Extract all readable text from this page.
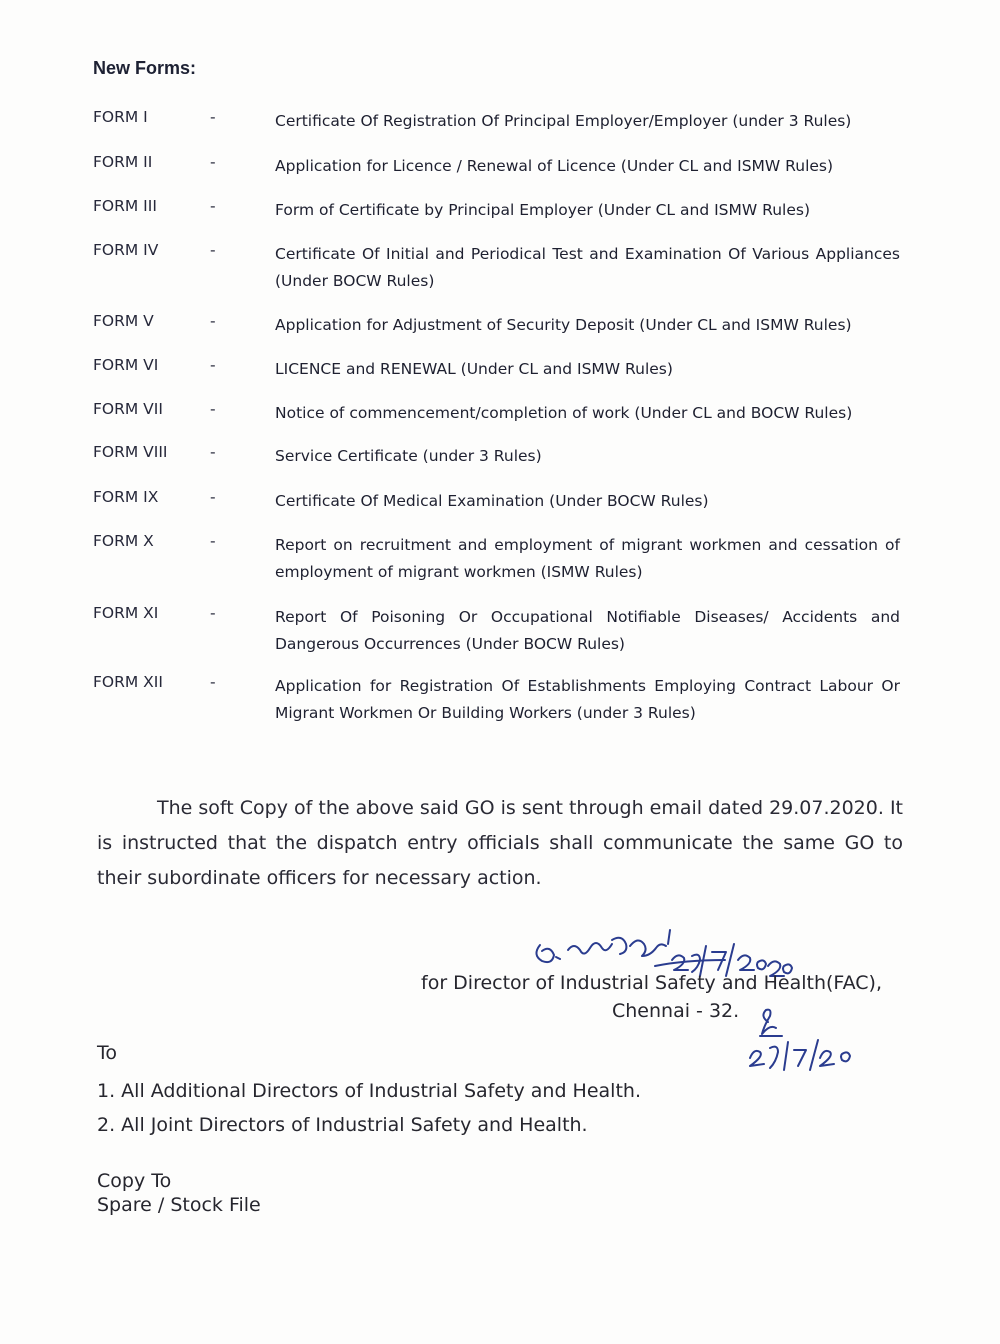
New Forms:
FORM I	-	Certificate Of Registration Of Principal Employer/Employer (under 3 Rules)
FORM II	-	Application for Licence / Renewal of Licence (Under CL and ISMW Rules)
FORM III	-	Form of Certificate by Principal Employer (Under CL and ISMW Rules)
FORM IV	-	Certificate Of Initial and Periodical Test and Examination Of Various Appliances (Under BOCW Rules)
FORM V	-	Application for Adjustment of Security Deposit (Under CL and ISMW Rules)
FORM VI	-	LICENCE and RENEWAL (Under CL and ISMW Rules)
FORM VII	-	Notice of commencement/completion of work (Under CL and BOCW Rules)
FORM VIII	-	Service Certificate (under 3 Rules)
FORM IX	-	Certificate Of Medical Examination (Under BOCW Rules)
FORM X	-	Report on recruitment and employment of migrant workmen and cessation of employment of migrant workmen (ISMW Rules)
FORM XI	-	Report Of Poisoning Or Occupational Notifiable Diseases/ Accidents and Dangerous Occurrences (Under BOCW Rules)
FORM XII	-	Application for Registration Of Establishments Employing Contract Labour Or Migrant Workmen Or Building Workers (under 3 Rules)
The soft Copy of the above said GO is sent through email dated 29.07.2020. It is instructed that the dispatch entry officials shall communicate the same GO to their subordinate officers for necessary action.
for Director of Industrial Safety and Health(FAC),
Chennai - 32.
To
1. All Additional Directors of Industrial Safety and Health.
2. All Joint Directors of Industrial Safety and Health.
Copy To
Spare / Stock File
